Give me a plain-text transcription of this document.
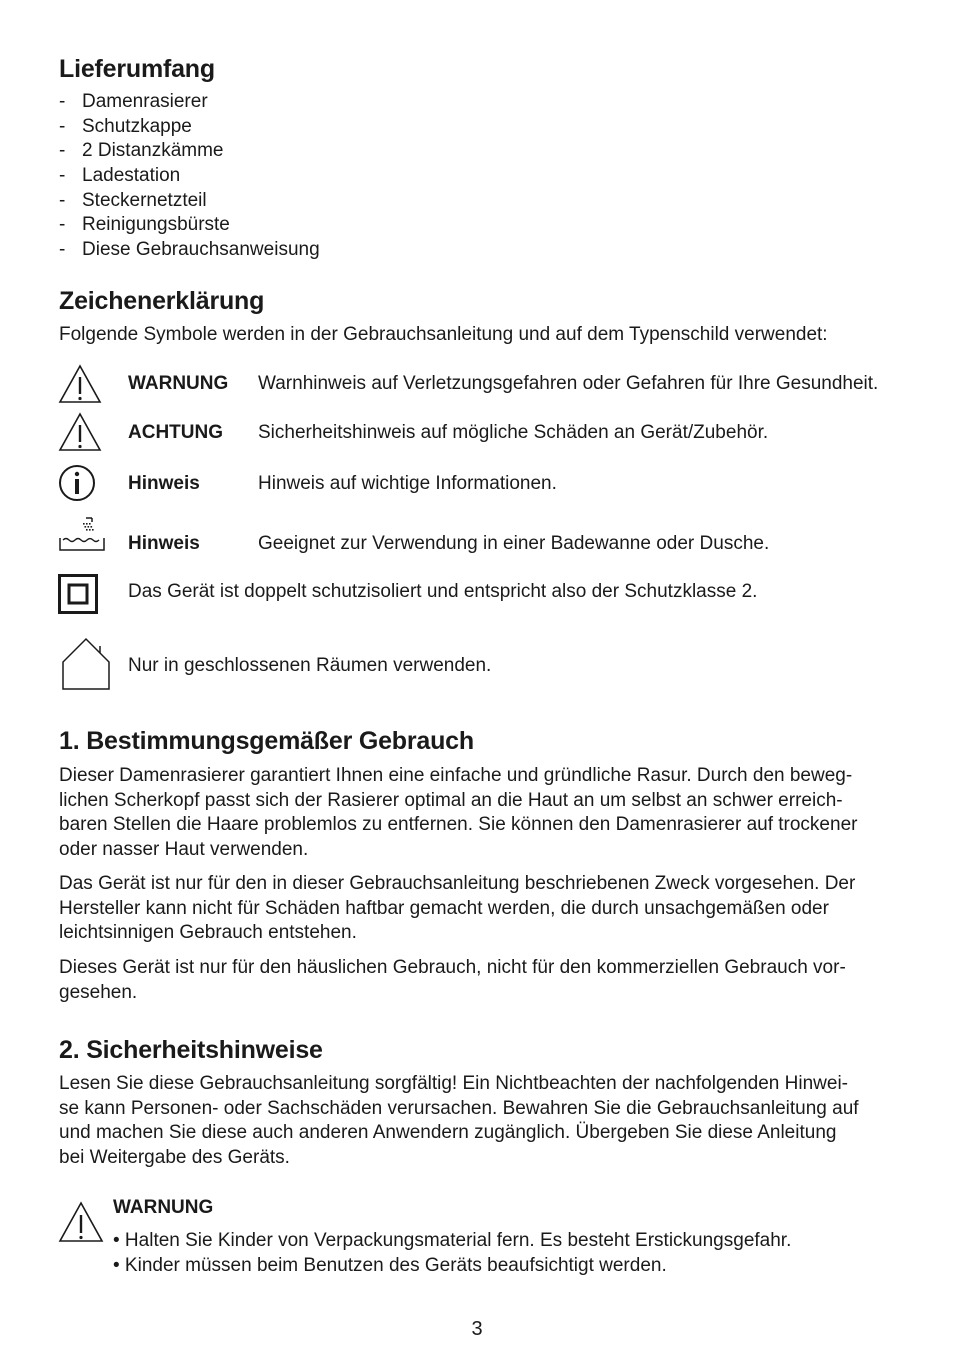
Lieferumfang
- Damenrasierer
- Schutzkappe
- 2 Distanzkämme
- Ladestation
- Steckernetzteil
- Reinigungsbürste
- Diese Gebrauchsanweisung
Zeichenerklärung

Folgende Symbole werden in der Gebrauchsanleitung und auf dem Typenschild verwendet:

WARNUNG Warnhinweis auf Verletzungsgefahren oder Gefahren für Ihre Gesundheit.
ACHTUNG Sicherheitshinweis auf mögliche Schäden an Gerät/Zubehör.
Hinweis	Hinweis auf wichtige Informationen.
Hinweis	Geeignet zur Verwendung in einer Badewanne oder Dusche.
Das Gerät ist doppelt schutzisoliert und entspricht also der Schutzklasse 2.
Nur in geschlossenen Räumen verwenden.
1. Bestimmungsgemäßer Gebrauch

Dieser Damenrasierer garantiert Ihnen eine einfache und gründliche Rasur. Durch den beweg-
lichen Scherkopf passt sich der Rasierer optimal an die Haut an um selbst an schwer erreich-
baren Stellen die Haare problemlos zu entfernen. Sie können den Damenrasierer auf trockener
oder nasser Haut verwenden.

Das Gerät ist nur für den in dieser Gebrauchsanleitung beschriebenen Zweck vorgesehen. Der
Hersteller kann nicht für Schäden haftbar gemacht werden, die durch unsachgemäßen oder
leichtsinnigen Gebrauch entstehen.

Dieses Gerät ist nur für den häuslichen Gebrauch, nicht für den kommerziellen Gebrauch vor-
gesehen.

2. Sicherheitshinweise

Lesen Sie diese Gebrauchsanleitung sorgfältig! Ein Nichtbeachten der nachfolgenden Hinwei-
se kann Personen- oder Sachschäden verursachen. Bewahren Sie die Gebrauchsanleitung auf
und machen Sie diese auch anderen Anwendern zugänglich. Übergeben Sie diese Anleitung
bei Weitergabe des Geräts.

WARNUNG
• Halten Sie Kinder von Verpackungsmaterial fern. Es besteht Erstickungsgefahr.
• Kinder müssen beim Benutzen des Geräts beaufsichtigt werden.
3
